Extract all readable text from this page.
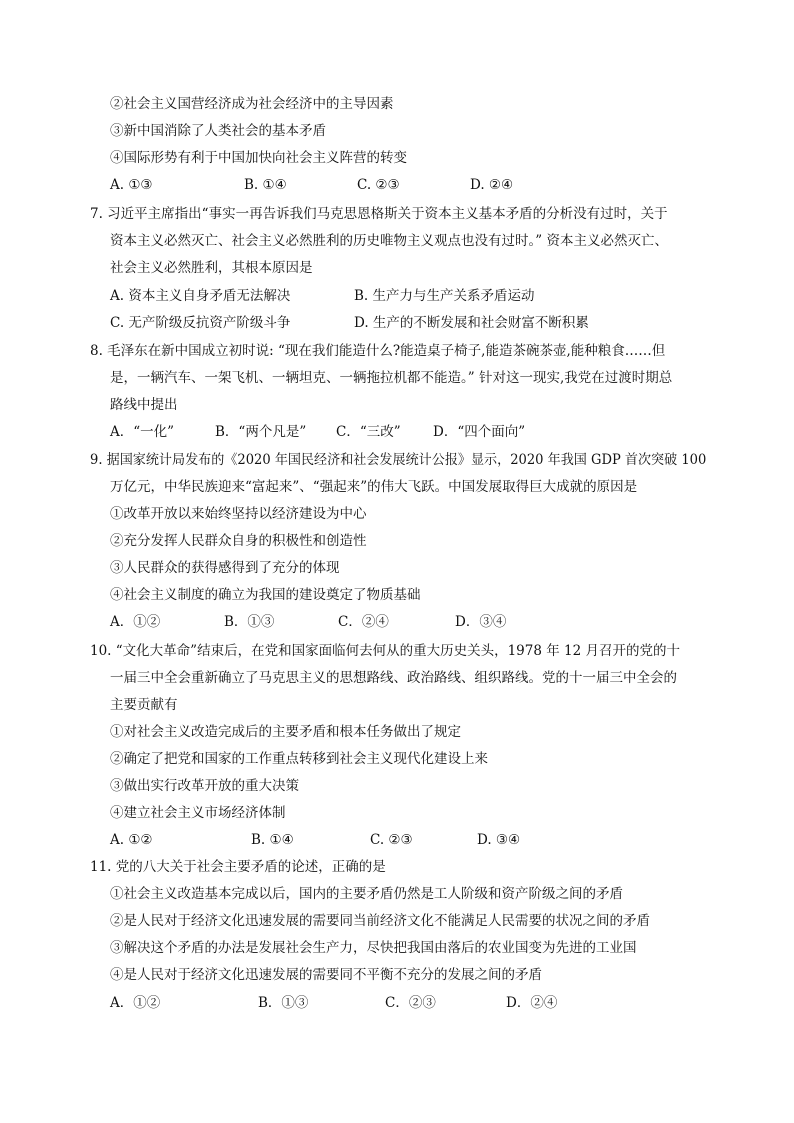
②社会主义国营经济成为社会经济中的主导因素
③新中国消除了人类社会的基本矛盾
④国际形势有利于中国加快向社会主义阵营的转变
A. ①③	B. ①④	C. ②③	D. ②④
7. 习近平主席指出“事实一再告诉我们马克思恩格斯关于资本主义基本矛盾的分析没有过时，关于
资本主义必然灭亡、社会主义必然胜利的历史唯物主义观点也没有过时。” 资本主义必然灭亡、
社会主义必然胜利，其根本原因是
A. 资本主义自身矛盾无法解决	B. 生产力与生产关系矛盾运动
C. 无产阶级反抗资产阶级斗争	D. 生产的不断发展和社会财富不断积累
8. 毛泽东在新中国成立初时说: “现在我们能造什么?能造桌子椅子,能造茶碗茶壶,能种粮食……但
是，一辆汽车、一架飞机、一辆坦克、一辆拖拉机都不能造。” 针对这一现实,我党在过渡时期总
路线中提出
A．“一化”	B．“两个凡是” C．“三改” D．“四个面向”
9. 据国家统计局发布的《2020 年国民经济和社会发展统计公报》显示，2020 年我国 GDP 首次突破 100
万亿元，中华民族迎来“富起来”、“强起来”的伟大飞跃。中国发展取得巨大成就的原因是
①改革开放以来始终坚持以经济建设为中心
②充分发挥人民群众自身的积极性和创造性
③人民群众的获得感得到了充分的体现
④社会主义制度的确立为我国的建设奠定了物质基础
A．①②	B．①③	C．②④	D．③④
10. “文化大革命”结束后，在党和国家面临何去何从的重大历史关头，1978 年 12 月召开的党的十
一届三中全会重新确立了马克思主义的思想路线、政治路线、组织路线。党的十一届三中全会的
主要贡献有
①对社会主义改造完成后的主要矛盾和根本任务做出了规定
②确定了把党和国家的工作重点转移到社会主义现代化建设上来
③做出实行改革开放的重大决策
④建立社会主义市场经济体制
A. ①②	B. ①④	C. ②③	D. ③④
11. 党的八大关于社会主要矛盾的论述，正确的是
①社会主义改造基本完成以后，国内的主要矛盾仍然是工人阶级和资产阶级之间的矛盾
②是人民对于经济文化迅速发展的需要同当前经济文化不能满足人民需要的状况之间的矛盾
③解决这个矛盾的办法是发展社会生产力，尽快把我国由落后的农业国变为先进的工业国
④是人民对于经济文化迅速发展的需要同不平衡不充分的发展之间的矛盾
A．①②	B．①③	C．②③	D．②④
